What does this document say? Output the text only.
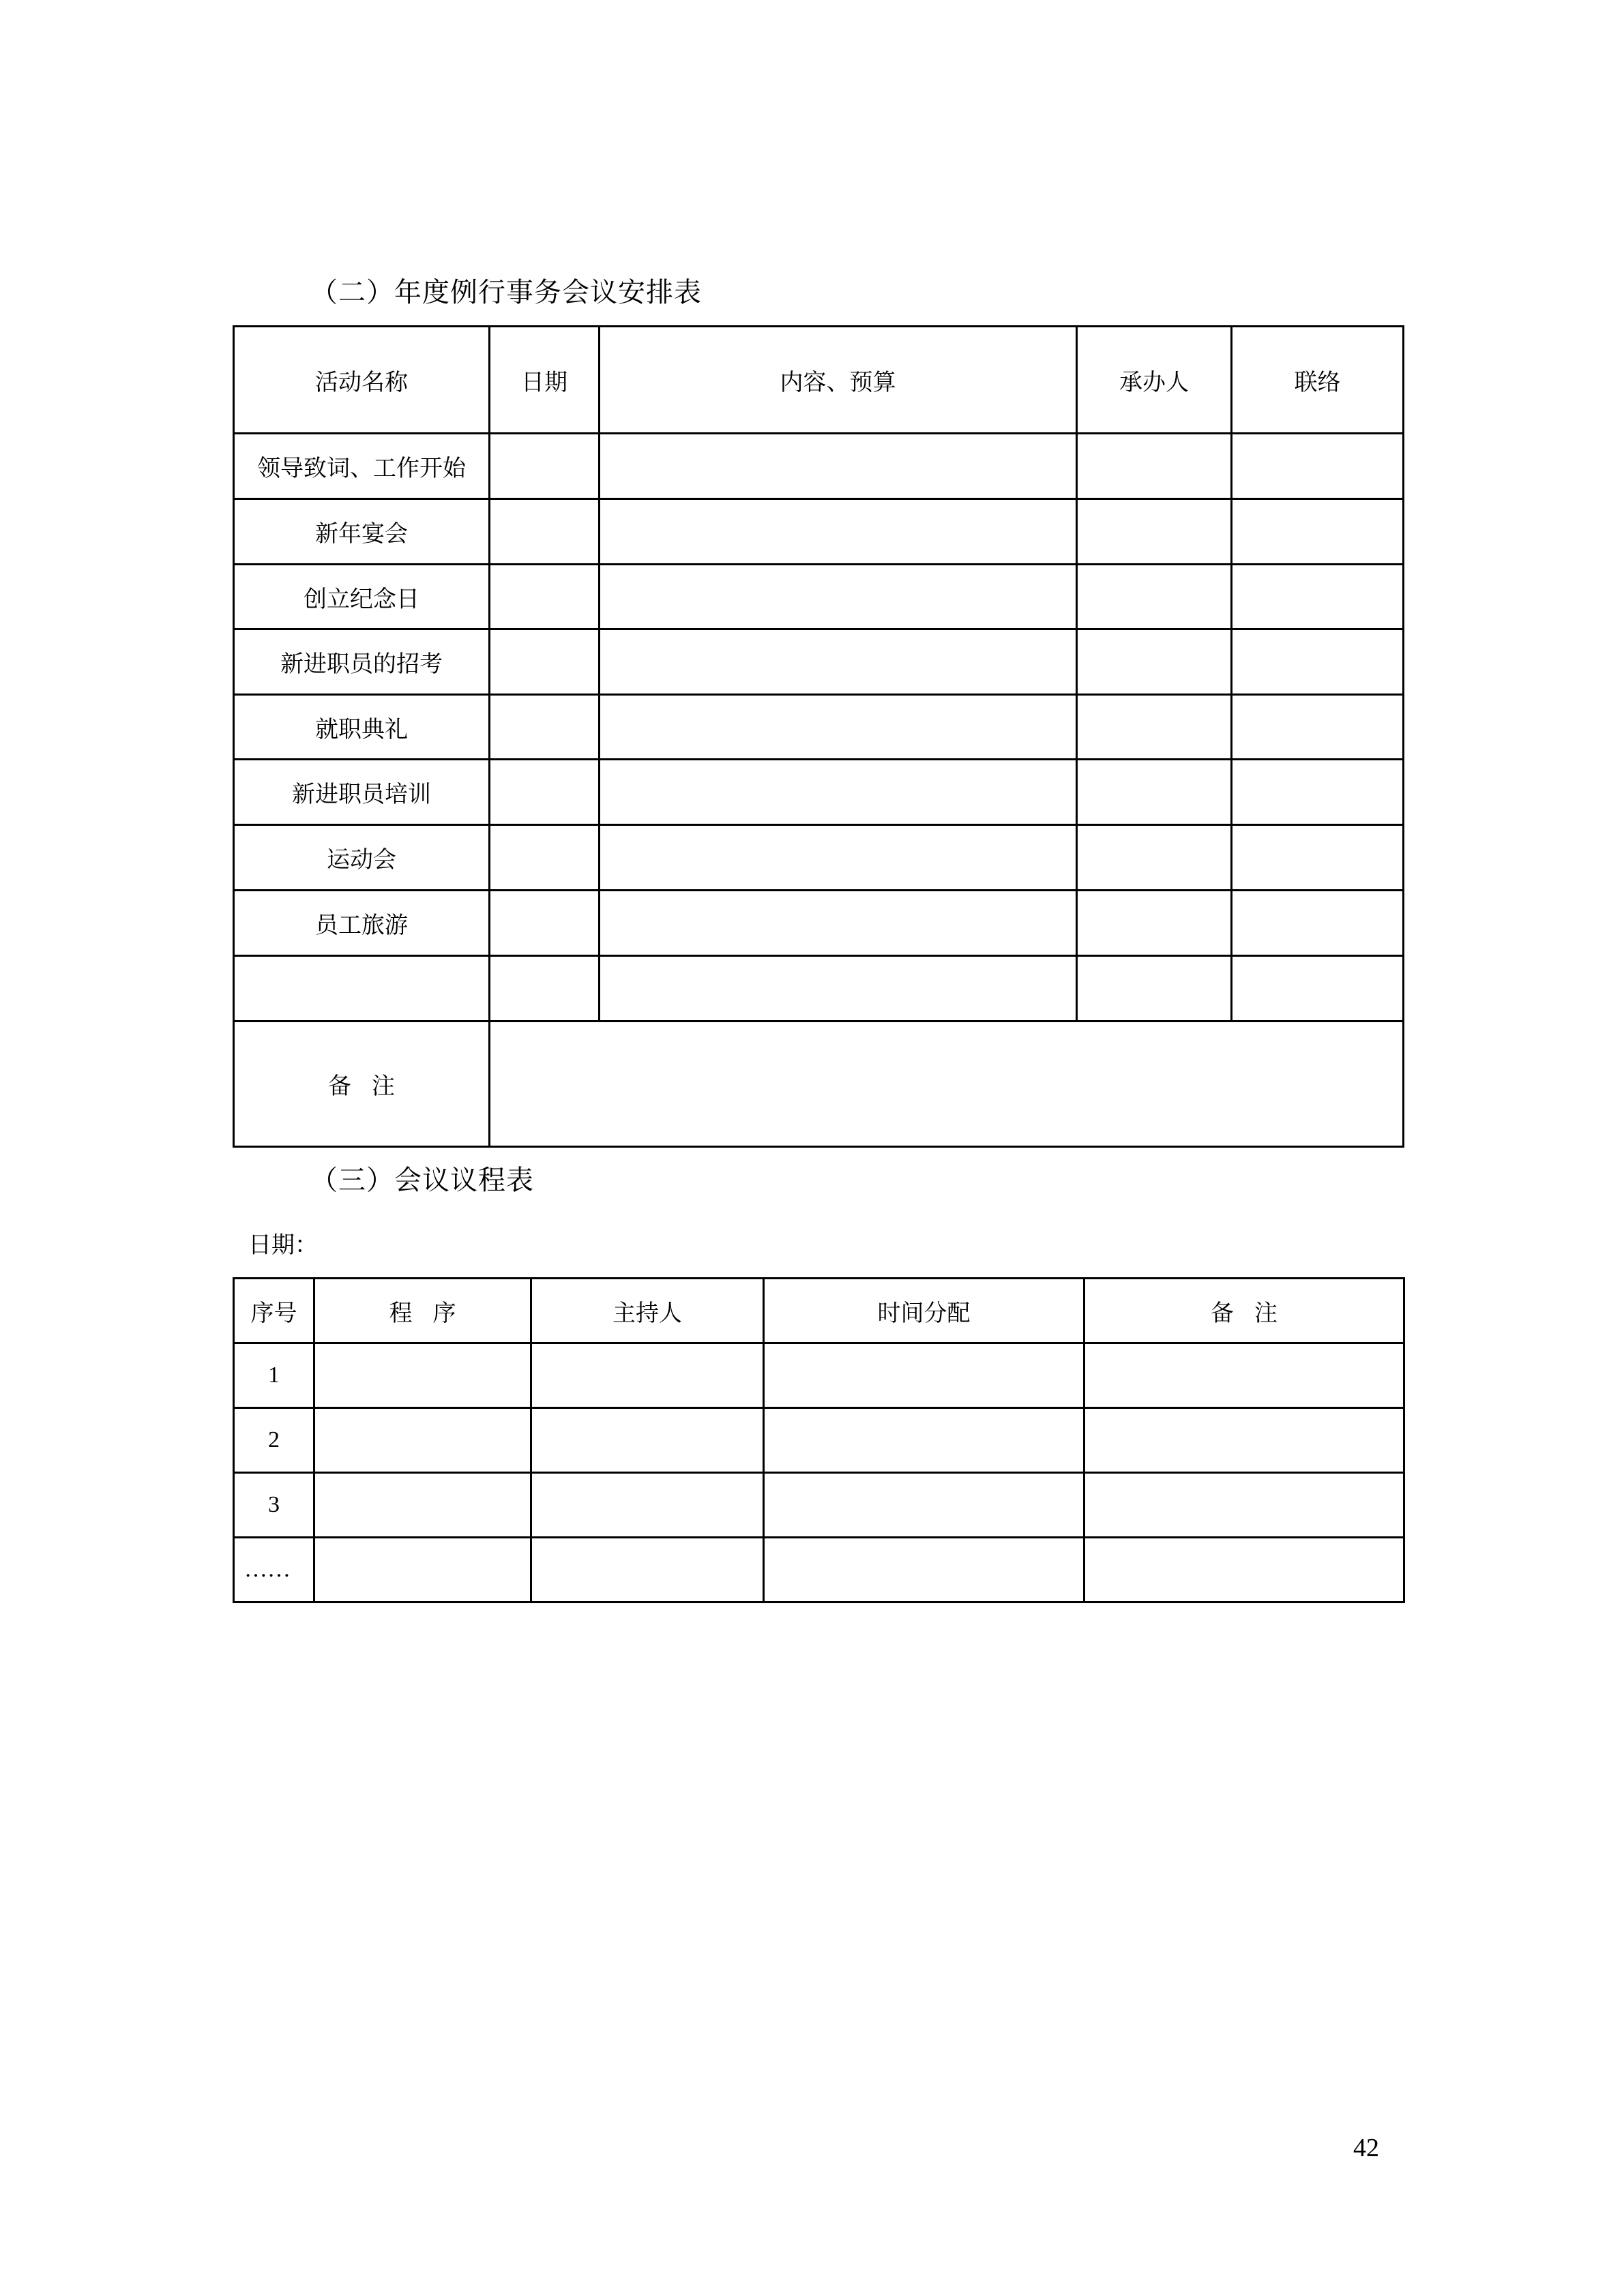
（二）年度例行事务会议安排表
活动名称	日期	内容、预算	承办人	联络
领导致词、工作开始				
新年宴会				
创立纪念日				
新进职员的招考				
就职典礼				
新进职员培训				
运动会				
员工旅游				

备注				
（三）会议议程表
日期：
序号	程序	主持人	时间分配	备注
1				
2				
3				
……				
42
